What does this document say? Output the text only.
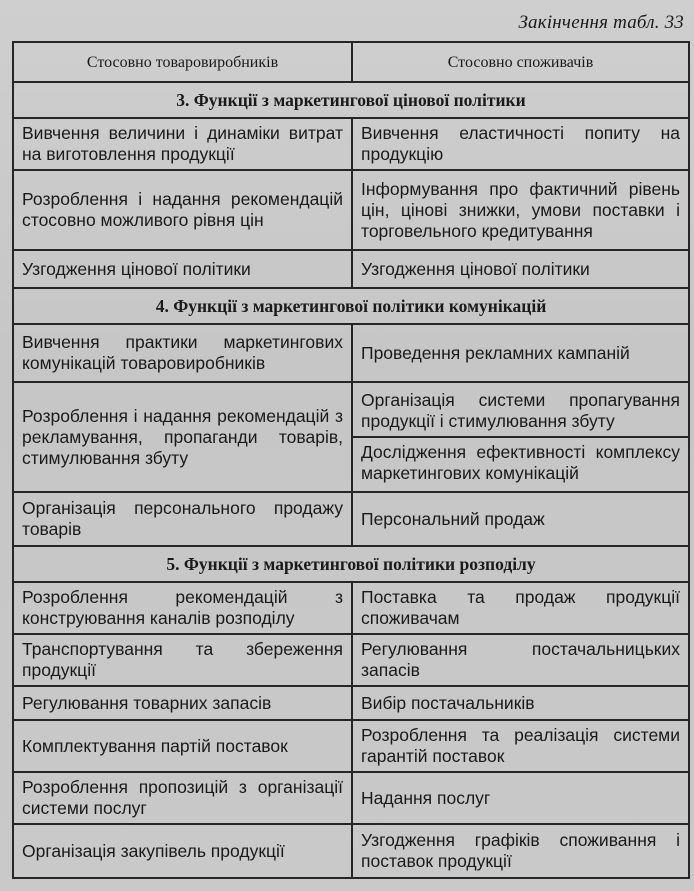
Закінчення табл. 33
Стосовно товаровиробників	Стосовно споживачів
3. Функції з маркетингової цінової політики	
Вивчення величини і динаміки витрат на виготовлення продукції	Вивчення еластичності попиту на продукцію
Розроблення і надання рекомендацій стосовно можливого рівня цін	Інформування про фактичний рівень цін, цінові знижки, умови поставки і торговельного кредитування
Узгодження цінової політики	Узгодження цінової політики
4. Функції з маркетингової політики комунікацій	
Вивчення практики маркетингових комунікацій товаровиробників	Проведення рекламних кампаній
Розроблення і надання рекомендацій з рекламування, пропаганди товарів, стимулювання збуту	Організація системи пропагування продукції і стимулювання збуту
Дослідження ефективності комплексу маркетингових комунікацій

Організація персонального продажу товарів	Персональний продаж
5. Функції з маркетингової політики розподілу	
Розроблення рекомендацій з конструювання каналів розподілу	Поставка та продаж продукції споживачам
Транспортування та збереження продукції	Регулювання постачальницьких запасів
Регулювання товарних запасів	Вибір постачальників
Комплектування партій поставок	Розроблення та реалізація системи гарантій поставок
Розроблення пропозицій з організації системи послуг	Надання послуг
Організація закупівель продукції	Узгодження графіків споживання і поставок продукції
